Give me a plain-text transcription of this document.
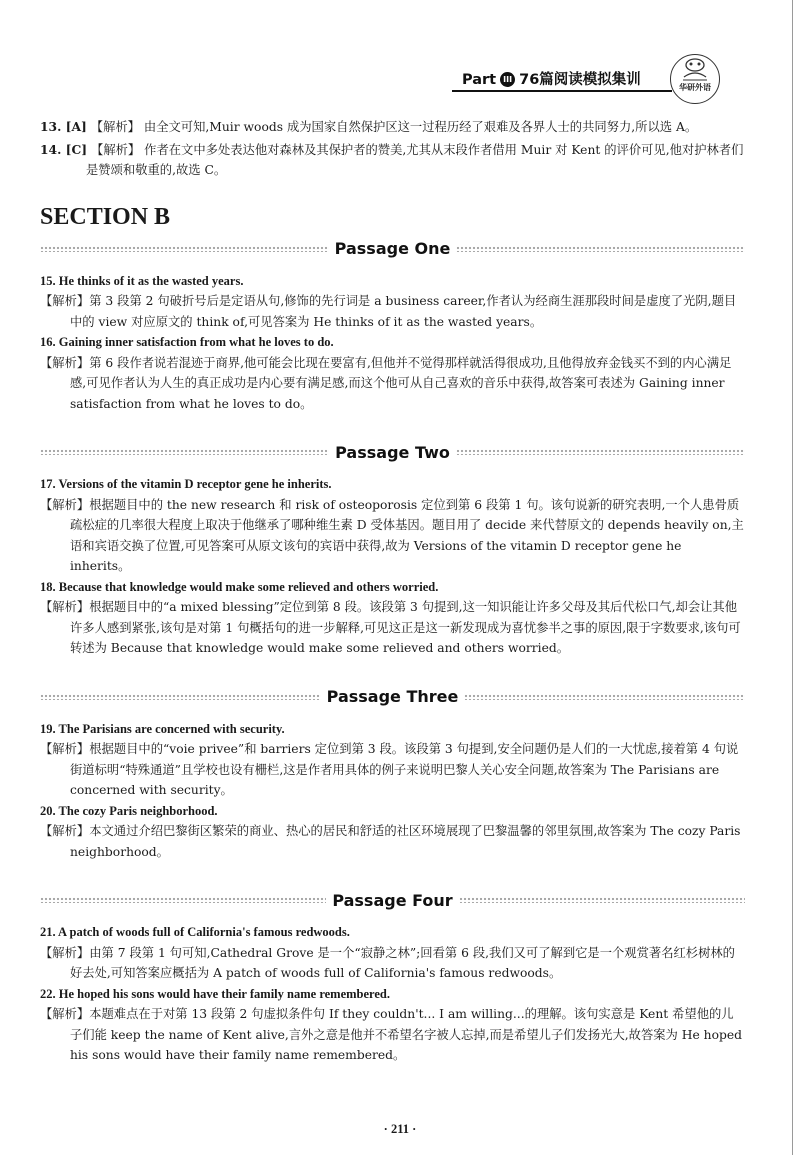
Part III 76篇阅读模拟集训	华研外语
13. [A] 【解析】 由全文可知,Muir woods 成为国家自然保护区这一过程历经了艰难及各界人士的共同努力,所以选 A。
14. [C] 【解析】 作者在文中多处表达他对森林及其保护者的赞美,尤其从末段作者借用 Muir 对 Kent 的评价可见,他对护林者们是赞颂和敬重的,故选 C。
SECTION B
Passage One
15. He thinks of it as the wasted years.
【解析】第 3 段第 2 句破折号后是定语从句,修饰的先行词是 a business career,作者认为经商生涯那段时间是虚度了光阴,题目中的 view 对应原文的 think of,可见答案为 He thinks of it as the wasted years。
16. Gaining inner satisfaction from what he loves to do.
【解析】第 6 段作者说若混迹于商界,他可能会比现在要富有,但他并不觉得那样就活得很成功,且他得放弃金钱买不到的内心满足感,可见作者认为人生的真正成功是内心要有满足感,而这个他可从自己喜欢的音乐中获得,故答案可表述为 Gaining inner satisfaction from what he loves to do。
Passage Two
17. Versions of the vitamin D receptor gene he inherits.
【解析】根据题目中的 the new research 和 risk of osteoporosis 定位到第 6 段第 1 句。该句说新的研究表明,一个人患骨质疏松症的几率很大程度上取决于他继承了哪种维生素 D 受体基因。题目用了 decide 来代替原文的 depends heavily on,主语和宾语交换了位置,可见答案可从原文该句的宾语中获得,故为 Versions of the vitamin D receptor gene he inherits。
18. Because that knowledge would make some relieved and others worried.
【解析】根据题目中的“a mixed blessing”定位到第 8 段。该段第 3 句提到,这一知识能让许多父母及其后代松口气,却会让其他许多人感到紧张,该句是对第 1 句概括句的进一步解释,可见这正是这一新发现成为喜忧参半之事的原因,限于字数要求,该句可转述为 Because that knowledge would make some relieved and others worried。
Passage Three
19. The Parisians are concerned with security.
【解析】根据题目中的“voie privee”和 barriers 定位到第 3 段。该段第 3 句提到,安全问题仍是人们的一大忧虑,接着第 4 句说街道标明“特殊通道”且学校也设有栅栏,这是作者用具体的例子来说明巴黎人关心安全问题,故答案为 The Parisians are concerned with security。
20. The cozy Paris neighborhood.
【解析】本文通过介绍巴黎街区繁荣的商业、热心的居民和舒适的社区环境展现了巴黎温馨的邻里氛围,故答案为 The cozy Paris neighborhood。
Passage Four
21. A patch of woods full of California's famous redwoods.
【解析】由第 7 段第 1 句可知,Cathedral Grove 是一个“寂静之林”;回看第 6 段,我们又可了解到它是一个观赏著名红杉树林的好去处,可知答案应概括为 A patch of woods full of California's famous redwoods。
22. He hoped his sons would have their family name remembered.
【解析】本题难点在于对第 13 段第 2 句虚拟条件句 If they couldn't... I am willing...的理解。该句实意是 Kent 希望他的儿子们能 keep the name of Kent alive,言外之意是他并不希望名字被人忘掉,而是希望儿子们发扬光大,故答案为 He hoped his sons would have their family name remembered。
· 211 ·
